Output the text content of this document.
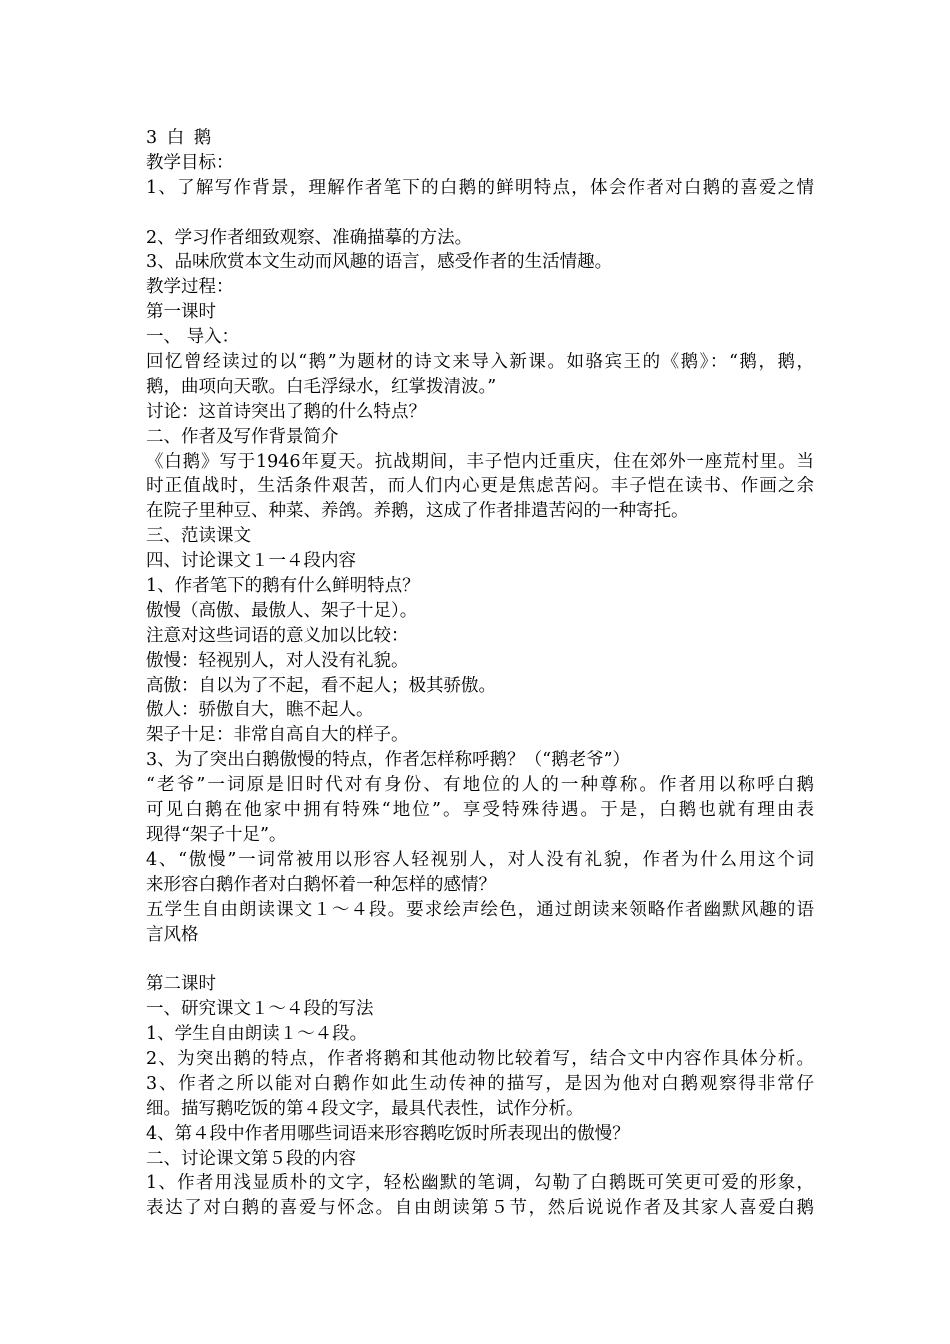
3 白 鹅
教学目标：
1、了解写作背景，理解作者笔下的白鹅的鲜明特点，体会作者对白鹅的喜爱之情
2、学习作者细致观察、准确描摹的方法。
3、品味欣赏本文生动而风趣的语言，感受作者的生活情趣。
教学过程：
第一课时
一、 导入：
回忆曾经读过的以“鹅”为题材的诗文来导入新课。如骆宾王的《鹅》：“鹅，鹅，
鹅，曲项向天歌。白毛浮绿水，红掌拨清波。”
讨论：这首诗突出了鹅的什么特点？
二、作者及写作背景简介
《白鹅》写于1946年夏天。抗战期间，丰子恺内迁重庆，住在郊外一座荒村里。当
时正值战时，生活条件艰苦，而人们内心更是焦虑苦闷。丰子恺在读书、作画之余
在院子里种豆、种菜、养鸽。养鹅，这成了作者排遣苦闷的一种寄托。
三、范读课文
四、讨论课文１一４段内容
1、作者笔下的鹅有什么鲜明特点？
傲慢（高傲、最傲人、架子十足）。
注意对这些词语的意义加以比较：
傲慢：轻视别人，对人没有礼貌。
高傲：自以为了不起，看不起人；极其骄傲。
傲人：骄傲自大，瞧不起人。
架子十足：非常自高自大的样子。
3、为了突出白鹅傲慢的特点，作者怎样称呼鹅？（“鹅老爷”）
“老爷”一词原是旧时代对有身份、有地位的人的一种尊称。作者用以称呼白鹅
可见白鹅在他家中拥有特殊“地位”。享受特殊待遇。于是，白鹅也就有理由表
现得“架子十足”。
4、“傲慢”一词常被用以形容人轻视别人，对人没有礼貌，作者为什么用这个词
来形容白鹅作者对白鹅怀着一种怎样的感情？
五学生自由朗读课文１～４段。要求绘声绘色，通过朗读来领略作者幽默风趣的语
言风格
第二课时
一、研究课文１～４段的写法
1、学生自由朗读１～４段。
2、为突出鹅的特点，作者将鹅和其他动物比较着写，结合文中内容作具体分析。
3、作者之所以能对白鹅作如此生动传神的描写，是因为他对白鹅观察得非常仔
细。描写鹅吃饭的第４段文字，最具代表性，试作分析。
4、第４段中作者用哪些词语来形容鹅吃饭时所表现出的傲慢？
二、讨论课文第５段的内容
1、作者用浅显质朴的文字，轻松幽默的笔调，勾勒了白鹅既可笑更可爱的形象，
表达了对白鹅的喜爱与怀念。自由朗读第５节，然后说说作者及其家人喜爱白鹅
